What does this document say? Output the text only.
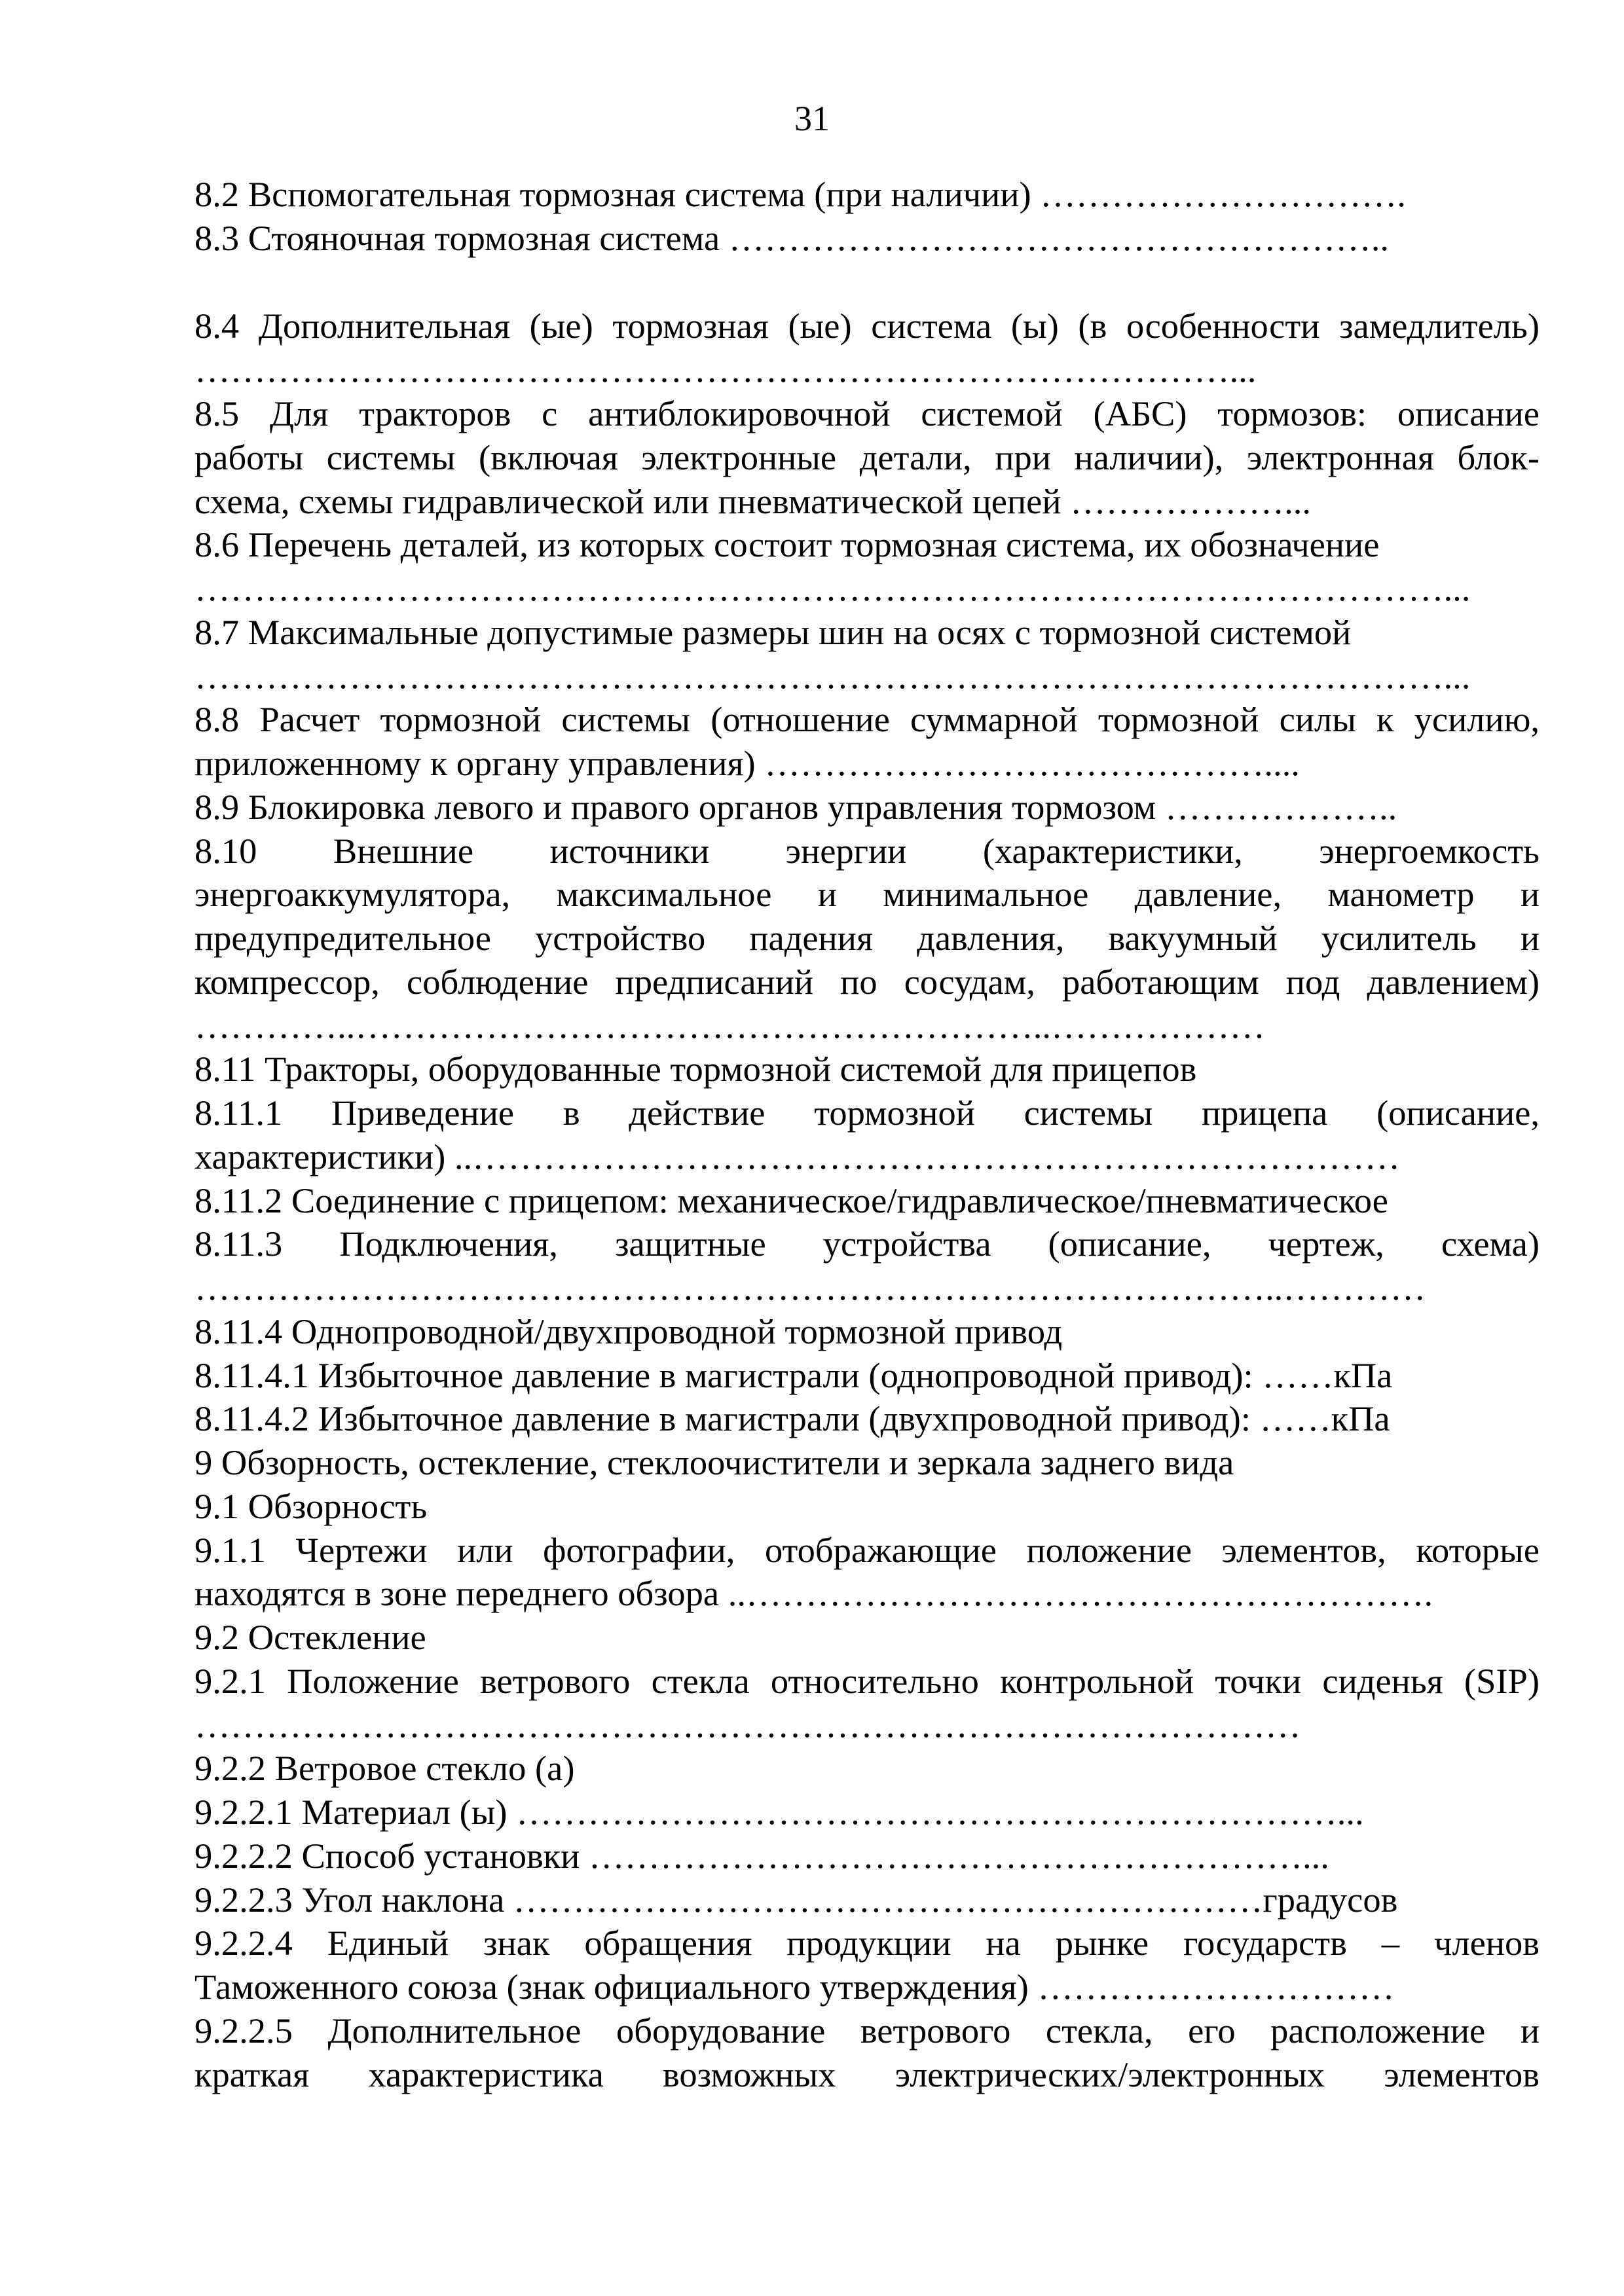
31
8.2 Вспомогательная тормозная система (при наличии) ………………………….
8.3 Стояночная тормозная система ………………………………………………..
8.4 Дополнительная (ые) тормозная (ые) система (ы) (в особенности замедлитель)
……………………………………………………………………………...
8.5 Для тракторов с антиблокировочной системой (АБС) тормозов: описание
работы системы (включая электронные детали, при наличии), электронная блок-
схема, схемы гидравлической или пневматической цепей ………………...
8.6 Перечень деталей, из которых состоит тормозная система, их обозначение
……………………………………………………………………………………………...
8.7 Максимальные допустимые размеры шин на осях с тормозной системой
……………………………………………………………………………………………...
8.8 Расчет тормозной системы (отношение суммарной тормозной силы к усилию,
приложенному к органу управления) ……………………………………....
8.9 Блокировка левого и правого органов управления тормозом ………………..
8.10 Внешние источники энергии (характеристики, энергоемкость
энергоаккумулятора, максимальное и минимальное давление, манометр и
предупредительное устройство падения давления, вакуумный усилитель и
компрессор, соблюдение предписаний по сосудам, работающим под давлением)
…………..…………………………………………………..………………
8.11 Тракторы, оборудованные тормозной системой для прицепов
8.11.1 Приведение в действие тормозной системы прицепа (описание,
характеристики) ..……………………………………………………………………
8.11.2 Соединение с прицепом: механическое/гидравлическое/пневматическое
8.11.3 Подключения, защитные устройства (описание, чертеж, схема)
………………………………………………………………………………..…………
8.11.4 Однопроводной/двухпроводной тормозной привод
8.11.4.1 Избыточное давление в магистрали (однопроводной привод): ……кПа
8.11.4.2 Избыточное давление в магистрали (двухпроводной привод): ……кПа
9 Обзорность, остекление, стеклоочистители и зеркала заднего вида
9.1 Обзорность
9.1.1 Чертежи или фотографии, отображающие положение элементов, которые
находятся в зоне переднего обзора ..………………………………………………….
9.2 Остекление
9.2.1 Положение ветрового стекла относительно контрольной точки сиденья (SIP)
…………………………………………………………………………………
9.2.2 Ветровое стекло (а)
9.2.2.1 Материал (ы) ……………………………………………………………...
9.2.2.2 Способ установки ……………………………………………………...
9.2.2.3 Угол наклона ………………………………………………………градусов
9.2.2.4 Единый знак обращения продукции на рынке государств – членов
Таможенного союза (знак официального утверждения) …………………………
9.2.2.5 Дополнительное оборудование ветрового стекла, его расположение и
краткая характеристика возможных электрических/электронных элементов
